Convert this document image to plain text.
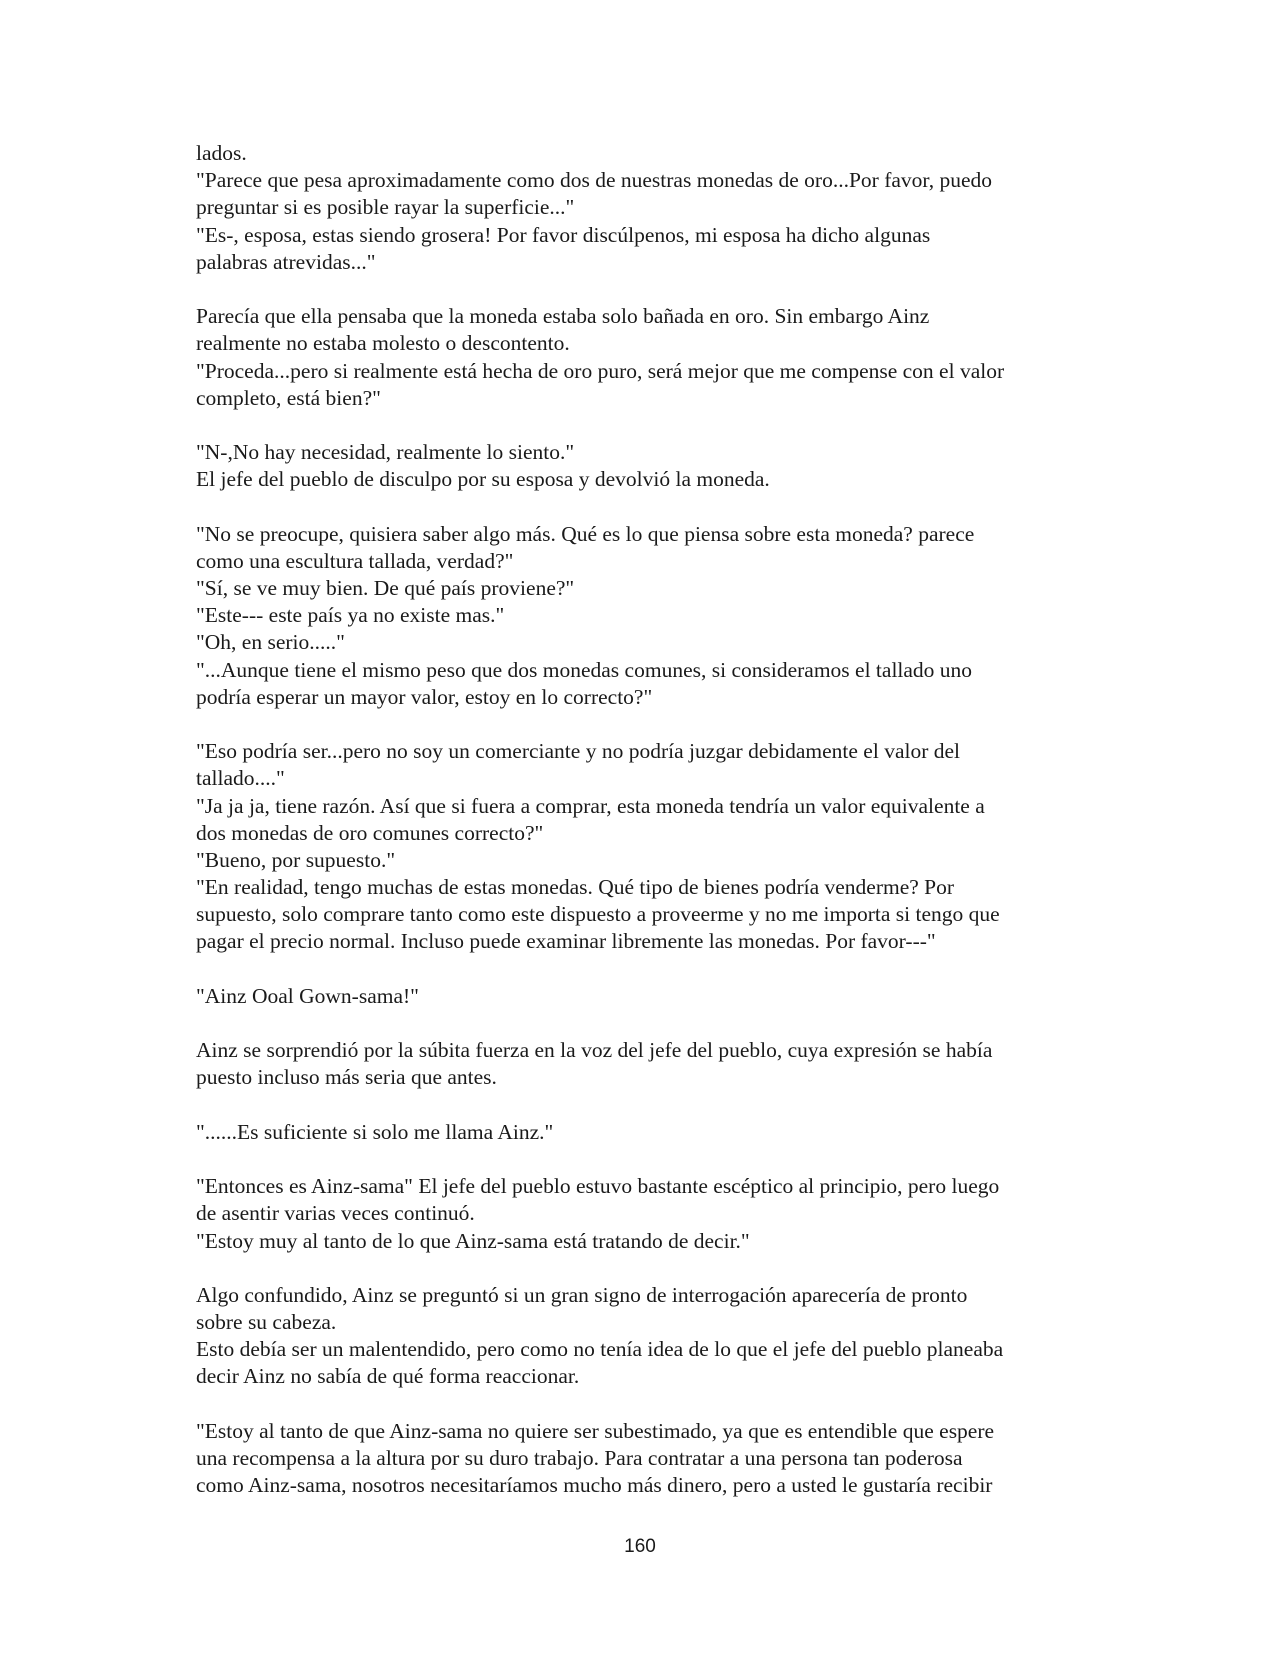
lados.
"Parece que pesa aproximadamente como dos de nuestras monedas de oro...Por favor, puedo
preguntar si es posible rayar la superficie..."
"Es-, esposa, estas siendo grosera! Por favor discúlpenos, mi esposa ha dicho algunas
palabras atrevidas..."
Parecía que ella pensaba que la moneda estaba solo bañada en oro. Sin embargo Ainz
realmente no estaba molesto o descontento.
"Proceda...pero si realmente está hecha de oro puro, será mejor que me compense con el valor
completo, está bien?"
"N-,No hay necesidad, realmente lo siento."
El jefe del pueblo de disculpo por su esposa y devolvió la moneda.
"No se preocupe, quisiera saber algo más. Qué es lo que piensa sobre esta moneda? parece
como una escultura tallada, verdad?"
"Sí, se ve muy bien. De qué país proviene?"
"Este--- este país ya no existe mas."
"Oh, en serio....."
"...Aunque tiene el mismo peso que dos monedas comunes, si consideramos el tallado uno
podría esperar un mayor valor, estoy en lo correcto?"
"Eso podría ser...pero no soy un comerciante y no podría juzgar debidamente el valor del
tallado...."
"Ja ja ja, tiene razón. Así que si fuera a comprar, esta moneda tendría un valor equivalente a
dos monedas de oro comunes correcto?"
"Bueno, por supuesto."
"En realidad, tengo muchas de estas monedas. Qué tipo de bienes podría venderme? Por
supuesto, solo comprare tanto como este dispuesto a proveerme y no me importa si tengo que
pagar el precio normal. Incluso puede examinar libremente las monedas. Por favor---"
"Ainz Ooal Gown-sama!"
Ainz se sorprendió por la súbita fuerza en la voz del jefe del pueblo, cuya expresión se había
puesto incluso más seria que antes.
"......Es suficiente si solo me llama Ainz."
"Entonces es Ainz-sama" El jefe del pueblo estuvo bastante escéptico al principio, pero luego
de asentir varias veces continuó.
"Estoy muy al tanto de lo que Ainz-sama está tratando de decir."
Algo confundido, Ainz se preguntó si un gran signo de interrogación aparecería de pronto
sobre su cabeza.
Esto debía ser un malentendido, pero como no tenía idea de lo que el jefe del pueblo planeaba
decir Ainz no sabía de qué forma reaccionar.
"Estoy al tanto de que Ainz-sama no quiere ser subestimado, ya que es entendible que espere
una recompensa a la altura por su duro trabajo. Para contratar a una persona tan poderosa
como Ainz-sama, nosotros necesitaríamos mucho más dinero, pero a usted le gustaría recibir
160
